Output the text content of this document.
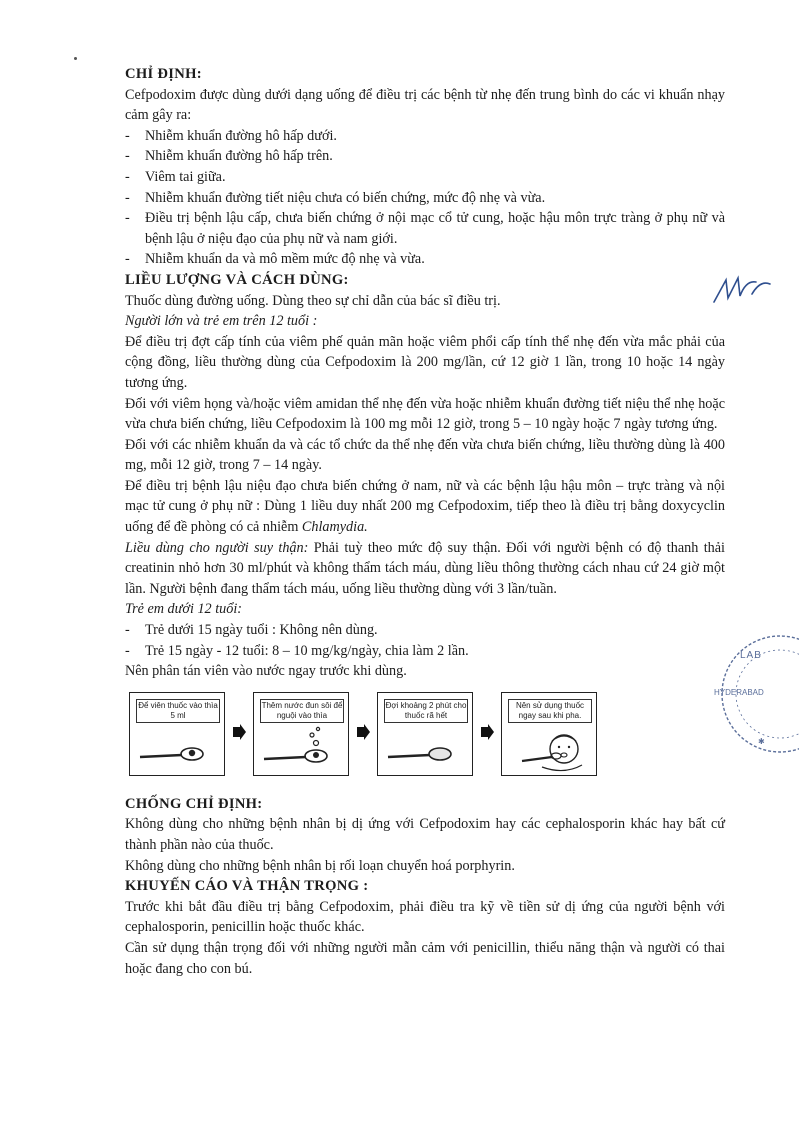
CHỈ ĐỊNH:

Cefpodoxim được dùng dưới dạng uống để điều trị các bệnh từ nhẹ đến trung bình do các vi khuẩn nhạy cảm gây ra:

- Nhiễm khuẩn đường hô hấp dưới.
- Nhiễm khuẩn đường hô hấp trên.
- Viêm tai giữa.
- Nhiễm khuẩn đường tiết niệu chưa có biến chứng, mức độ nhẹ và vừa.
- Điều trị bệnh lậu cấp, chưa biến chứng ở nội mạc cổ tử cung, hoặc hậu môn trực tràng ở phụ nữ và bệnh lậu ở niệu đạo của phụ nữ và nam giới.
- Nhiễm khuẩn da và mô mềm mức độ nhẹ và vừa.

LIỀU LƯỢNG VÀ CÁCH DÙNG:

Thuốc dùng đường uống. Dùng theo sự chỉ dẫn của bác sĩ điều trị.

Người lớn và trẻ em trên 12 tuổi :

Để điều trị đợt cấp tính của viêm phế quản mãn hoặc viêm phổi cấp tính thể nhẹ đến vừa mắc phải của cộng đồng, liều thường dùng của Cefpodoxim là 200 mg/lần, cứ 12 giờ 1 lần, trong 10 hoặc 14 ngày tương ứng.

Đối với viêm họng và/hoặc viêm amidan thể nhẹ đến vừa hoặc nhiễm khuẩn đường tiết niệu thể nhẹ hoặc vừa chưa biến chứng, liều Cefpodoxim là 100 mg mỗi 12 giờ, trong 5 – 10 ngày hoặc 7 ngày tương ứng.

Đối với các nhiễm khuẩn da và các tổ chức da thể nhẹ đến vừa chưa biến chứng, liều thường dùng là 400 mg, mỗi 12 giờ, trong 7 – 14 ngày.

Để điều trị bệnh lậu niệu đạo chưa biến chứng ở nam, nữ và các bệnh lậu hậu môn – trực tràng và nội mạc tử cung ở phụ nữ : Dùng 1 liều duy nhất 200 mg Cefpodoxim, tiếp theo là điều trị bằng doxycyclin uống để đề phòng có cả nhiễm Chlamydia.

Liều dùng cho người suy thận: Phải tuỳ theo mức độ suy thận. Đối với người bệnh có độ thanh thải creatinin nhỏ hơn 30 ml/phút và không thẩm tách máu, dùng liều thông thường cách nhau cứ 24 giờ một lần. Người bệnh đang thẩm tách máu, uống liều thường dùng với 3 lần/tuần.

Trẻ em dưới 12 tuổi:

- Trẻ dưới 15 ngày tuổi : Không nên dùng.
- Trẻ 15 ngày - 12 tuổi: 8 – 10 mg/kg/ngày, chia làm 2 lần.

Nên phân tán viên vào nước ngay trước khi dùng.

Để viên thuốc vào thìa 5 ml
Thêm nước đun sôi để nguội vào thìa
Đợi khoảng 2 phút cho thuốc rã hết
Nên sử dụng thuốc ngay sau khi pha.

CHỐNG CHỈ ĐỊNH:

Không dùng cho những bệnh nhân bị dị ứng với Cefpodoxim hay các cephalosporin khác hay bất cứ thành phần nào của thuốc.

Không dùng cho những bệnh nhân bị rối loạn chuyển hoá porphyrin.

KHUYẾN CÁO VÀ THẬN TRỌNG :

Trước khi bắt đầu điều trị bằng Cefpodoxim, phải điều tra kỹ về tiền sử dị ứng của người bệnh với cephalosporin, penicillin hoặc thuốc khác.

Cần sử dụng thận trọng đối với những người mẫn cảm với penicillin, thiểu năng thận và người có thai hoặc đang cho con bú.

✱
LAB
HYDERABAD
